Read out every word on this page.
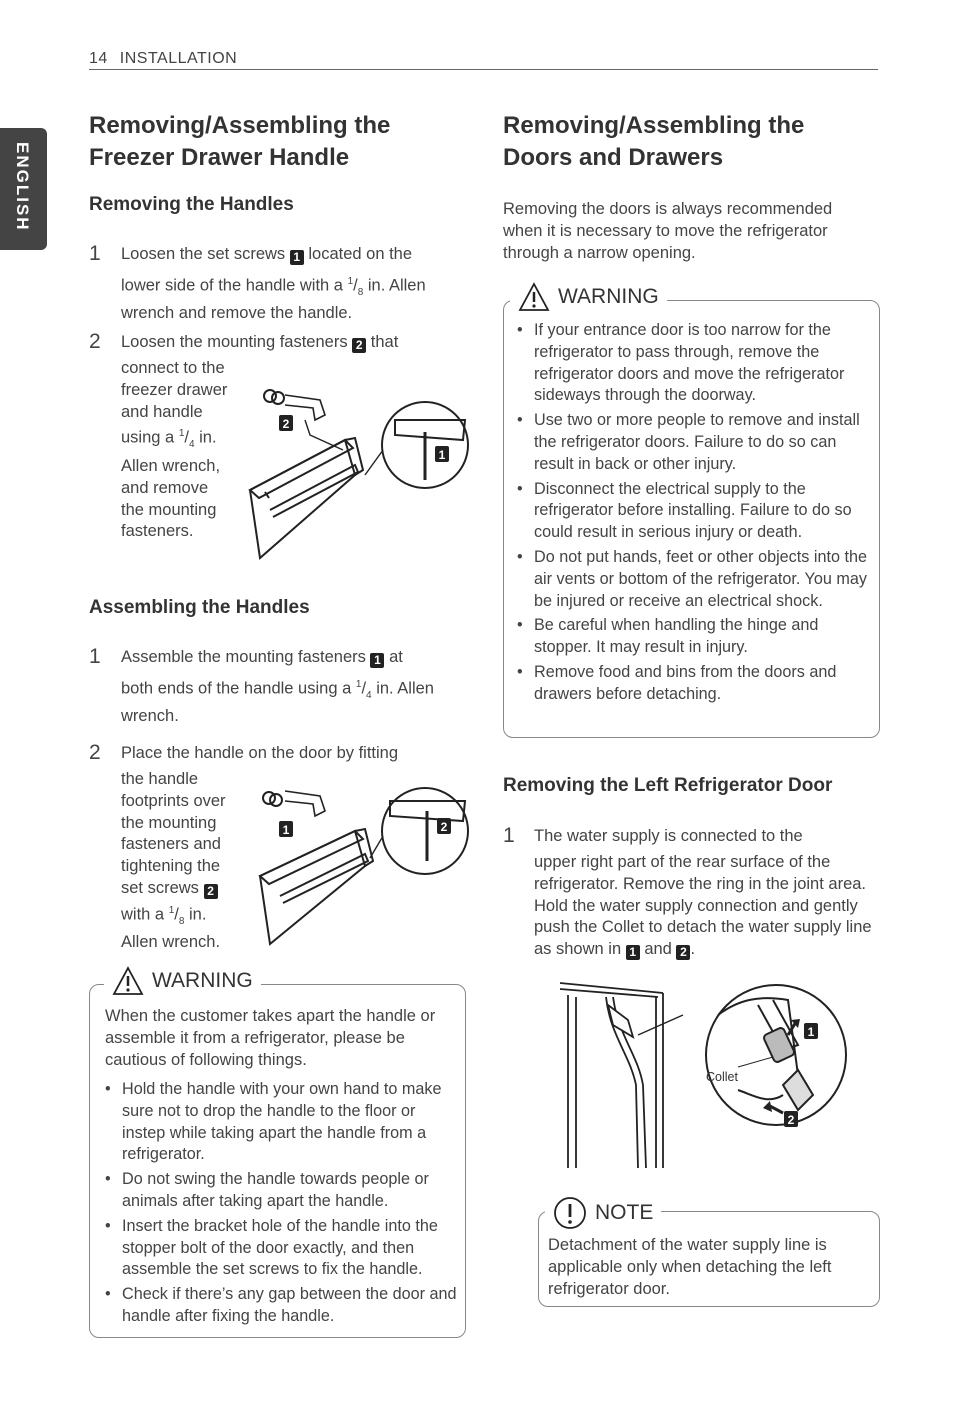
14 INSTALLATION
ENGLISH
Removing/Assembling the
Freezer Drawer Handle
Removing the Handles
1 Loosen the set screws 1 located on the
lower side of the handle with a $^1/_8$ in. Allen
wrench and remove the handle.
2 Loosen the mounting fasteners 2 that
connect to the
freezer drawer
and handle
using a $^1/_4$ in.
Allen wrench,
and remove
the mounting
fasteners.
2
1
Assembling the Handles
1 Assemble the mounting fasteners 1 at
both ends of the handle using a $^1/_4$ in. Allen
wrench.
2 Place the handle on the door by fitting
the handle
footprints over
the mounting
fasteners and
tightening the
set screws 2
with a $^1/_8$ in.
Allen wrench.
1	2
WARNING
When the customer takes apart the handle or assemble it from a refrigerator, please be cautious of following things.
• Hold the handle with your own hand to make sure not to drop the handle to the floor or instep while taking apart the handle from a refrigerator.
• Do not swing the handle towards people or animals after taking apart the handle.
• Insert the bracket hole of the handle into the stopper bolt of the door exactly, and then assemble the set screws to fix the handle.
• Check if there’s any gap between the door and handle after fixing the handle.
Removing/Assembling the
Doors and Drawers
Removing the doors is always recommended when it is necessary to move the refrigerator through a narrow opening.
WARNING
• If your entrance door is too narrow for the refrigerator to pass through, remove the refrigerator doors and move the refrigerator sideways through the doorway.
• Use two or more people to remove and install the refrigerator doors. Failure to do so can result in back or other injury.
• Disconnect the electrical supply to the refrigerator before installing. Failure to do so could result in serious injury or death.
• Do not put hands, feet or other objects into the air vents or bottom of the refrigerator. You may be injured or receive an electrical shock.
• Be careful when handling the hinge and stopper. It may result in injury.
• Remove food and bins from the doors and drawers before detaching.
Removing the Left Refrigerator Door
1 The water supply is connected to the
upper right part of the rear surface of the refrigerator. Remove the ring in the joint area. Hold the water supply connection and gently push the Collet to detach the water supply line as shown in 1 and 2 .
Collet
1
2
NOTE
Detachment of the water supply line is applicable only when detaching the left refrigerator door.
